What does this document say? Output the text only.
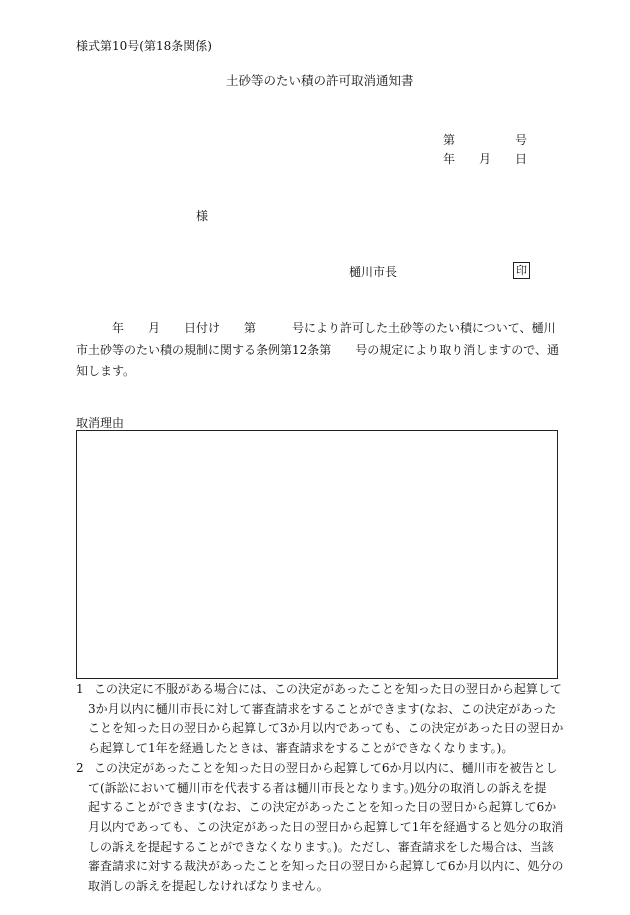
様式第10号(第18条関係)
土砂等のたい積の許可取消通知書
第　　　　　号
年　　月　　日
様
樋川市長	印
　　　年　　月　　日付け　　第　　　号により許可した土砂等のたい積について、樋川
市土砂等のたい積の規制に関する条例第12条第　　号の規定により取り消しますので、通
知します。
取消理由
1 この決定に不服がある場合には、この決定があったことを知った日の翌日から起算して
3か月以内に樋川市長に対して審査請求をすることができます(なお、この決定があった
ことを知った日の翌日から起算して3か月以内であっても、この決定があった日の翌日か
ら起算して1年を経過したときは、審査請求をすることができなくなります。)。
2 この決定があったことを知った日の翌日から起算して6か月以内に、樋川市を被告とし
て(訴訟において樋川市を代表する者は樋川市長となります。)処分の取消しの訴えを提
起することができます(なお、この決定があったことを知った日の翌日から起算して6か
月以内であっても、この決定があった日の翌日から起算して1年を経過すると処分の取消
しの訴えを提起することができなくなります。)。ただし、審査請求をした場合は、当該
審査請求に対する裁決があったことを知った日の翌日から起算して6か月以内に、処分の
取消しの訴えを提起しなければなりません。
